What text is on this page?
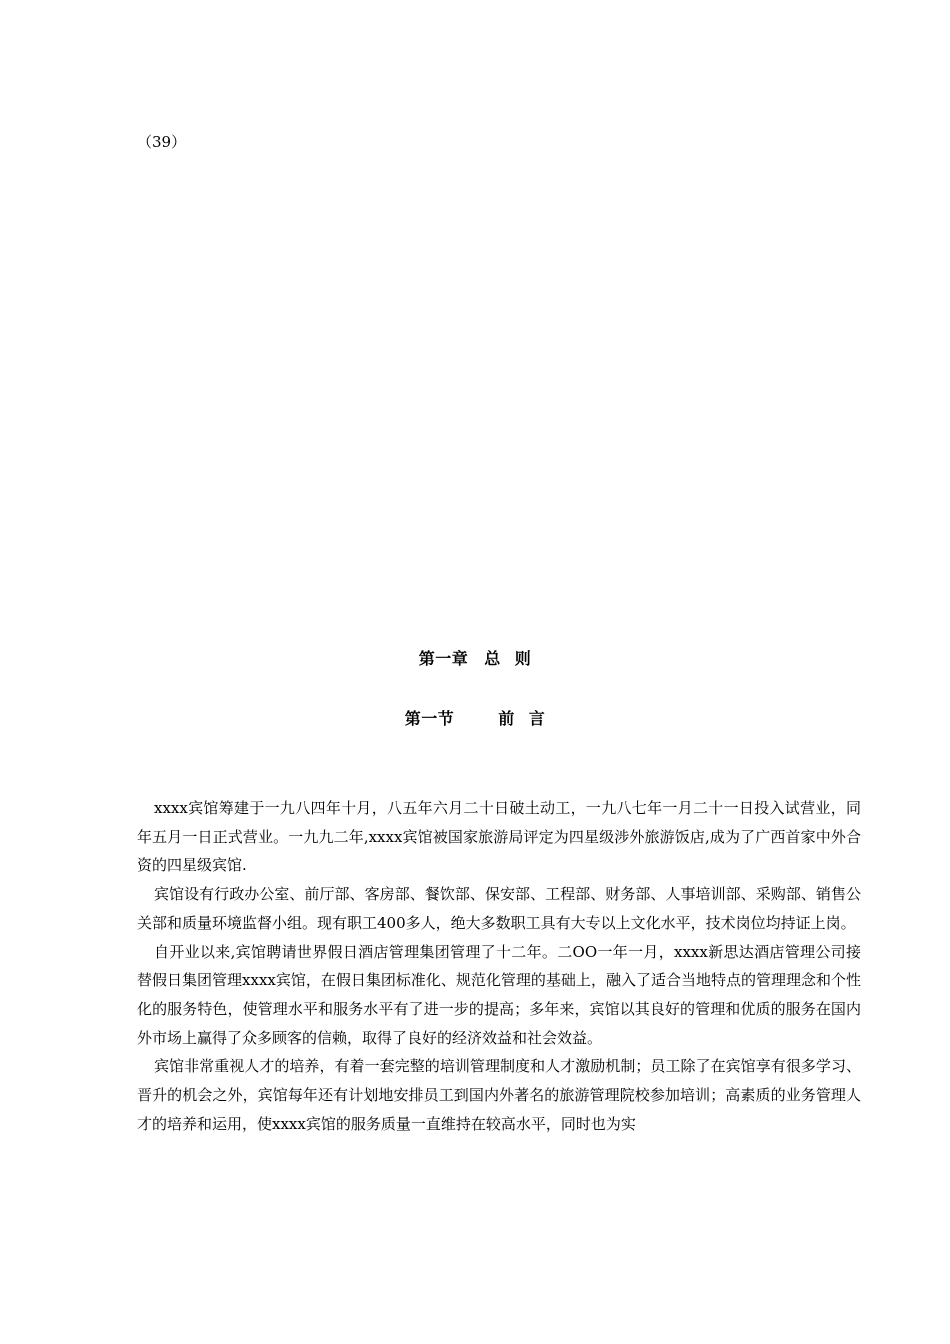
（39）
第一章 总 则
第一节	前 言

xxxx宾馆筹建于一九八四年十月，八五年六月二十日破土动工，一九八七年一月二十一日投入试营业，同年五月一日正式营业。一九九二年,xxxx宾馆被国家旅游局评定为四星级涉外旅游饭店,成为了广西首家中外合资的四星级宾馆.

宾馆设有行政办公室、前厅部、客房部、餐饮部、保安部、工程部、财务部、人事培训部、采购部、销售公关部和质量环境监督小组。现有职工400多人，绝大多数职工具有大专以上文化水平，技术岗位均持证上岗。

自开业以来,宾馆聘请世界假日酒店管理集团管理了十二年。二OO一年一月，xxxx新思达酒店管理公司接替假日集团管理xxxx宾馆，在假日集团标准化、规范化管理的基础上，融入了适合当地特点的管理理念和个性化的服务特色，使管理水平和服务水平有了进一步的提高；多年来，宾馆以其良好的管理和优质的服务在国内外市场上赢得了众多顾客的信赖，取得了良好的经济效益和社会效益。

宾馆非常重视人才的培养，有着一套完整的培训管理制度和人才激励机制；员工除了在宾馆享有很多学习、晋升的机会之外，宾馆每年还有计划地安排员工到国内外著名的旅游管理院校参加培训；高素质的业务管理人才的培养和运用，使xxxx宾馆的服务质量一直维持在较高水平，同时也为实
